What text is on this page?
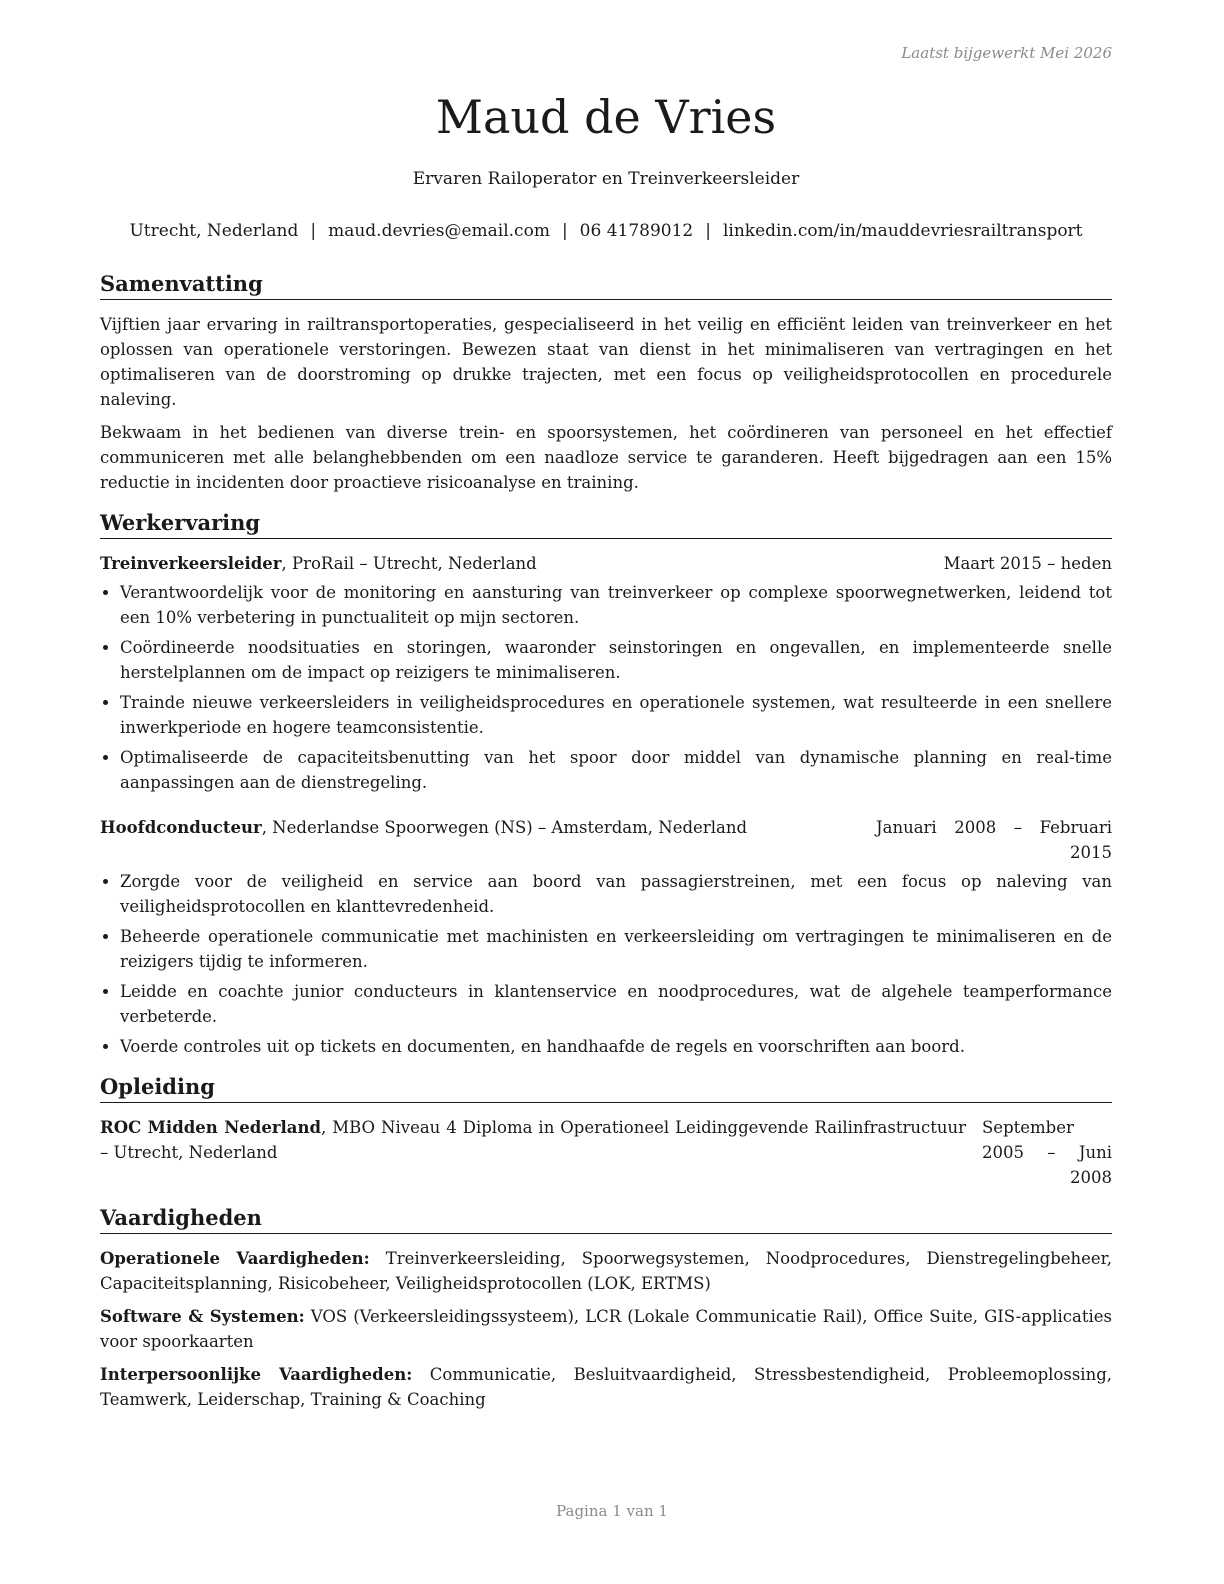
Laatst bijgewerkt Mei 2026
Maud de Vries
Ervaren Railoperator en Treinverkeersleider
Utrecht, Nederland | maud.devries@email.com | 06 41789012 | linkedin.com/in/mauddevriesrailtransport
Samenvatting

Vijftien jaar ervaring in railtransportoperaties, gespecialiseerd in het veilig en efficiënt leiden van treinverkeer en het oplossen van operationele verstoringen. Bewezen staat van dienst in het minimaliseren van vertragingen en het optimaliseren van de doorstroming op drukke trajecten, met een focus op veiligheidsprotocollen en procedurele naleving.

Bekwaam in het bedienen van diverse trein- en spoorsystemen, het coördineren van personeel en het effectief communiceren met alle belanghebbenden om een naadloze service te garanderen. Heeft bijgedragen aan een 15% reductie in incidenten door proactieve risicoanalyse en training.

Werkervaring
Treinverkeersleider, ProRail – Utrecht, Nederland	Maart 2015 – heden
• Verantwoordelijk voor de monitoring en aansturing van treinverkeer op complexe spoorwegnetwerken, leidend tot een 10% verbetering in punctualiteit op mijn sectoren.
• Coördineerde noodsituaties en storingen, waaronder seinstoringen en ongevallen, en implementeerde snelle herstelplannen om de impact op reizigers te minimaliseren.
• Trainde nieuwe verkeersleiders in veiligheidsprocedures en operationele systemen, wat resulteerde in een snellere inwerkperiode en hogere teamconsistentie.
• Optimaliseerde de capaciteitsbenutting van het spoor door middel van dynamische planning en real-time aanpassingen aan de dienstregeling.
Hoofdconducteur, Nederlandse Spoorwegen (NS) – Amsterdam, Nederland	Januari 2008 – Februari 2015
• Zorgde voor de veiligheid en service aan boord van passagierstreinen, met een focus op naleving van veiligheidsprotocollen en klanttevredenheid.
• Beheerde operationele communicatie met machinisten en verkeersleiding om vertragingen te minimaliseren en de reizigers tijdig te informeren.
• Leidde en coachte junior conducteurs in klantenservice en noodprocedures, wat de algehele teamperformance verbeterde.
• Voerde controles uit op tickets en documenten, en handhaafde de regels en voorschriften aan boord.
Opleiding
ROC Midden Nederland, MBO Niveau 4 Diploma in Operationeel Leidinggevende Railinfrastructuur – Utrecht, Nederland
September 2005 – Juni 2008
Vaardigheden

Operationele Vaardigheden: Treinverkeersleiding, Spoorwegsystemen, Noodprocedures, Dienstregelingbeheer, Capaciteitsplanning, Risicobeheer, Veiligheidsprotocollen (LOK, ERTMS)

Software & Systemen: VOS (Verkeersleidingssysteem), LCR (Lokale Communicatie Rail), Office Suite, GIS-applicaties voor spoorkaarten

Interpersoonlijke Vaardigheden: Communicatie, Besluitvaardigheid, Stressbestendigheid, Probleemoplossing, Teamwerk, Leiderschap, Training & Coaching

Pagina 1 van 1
